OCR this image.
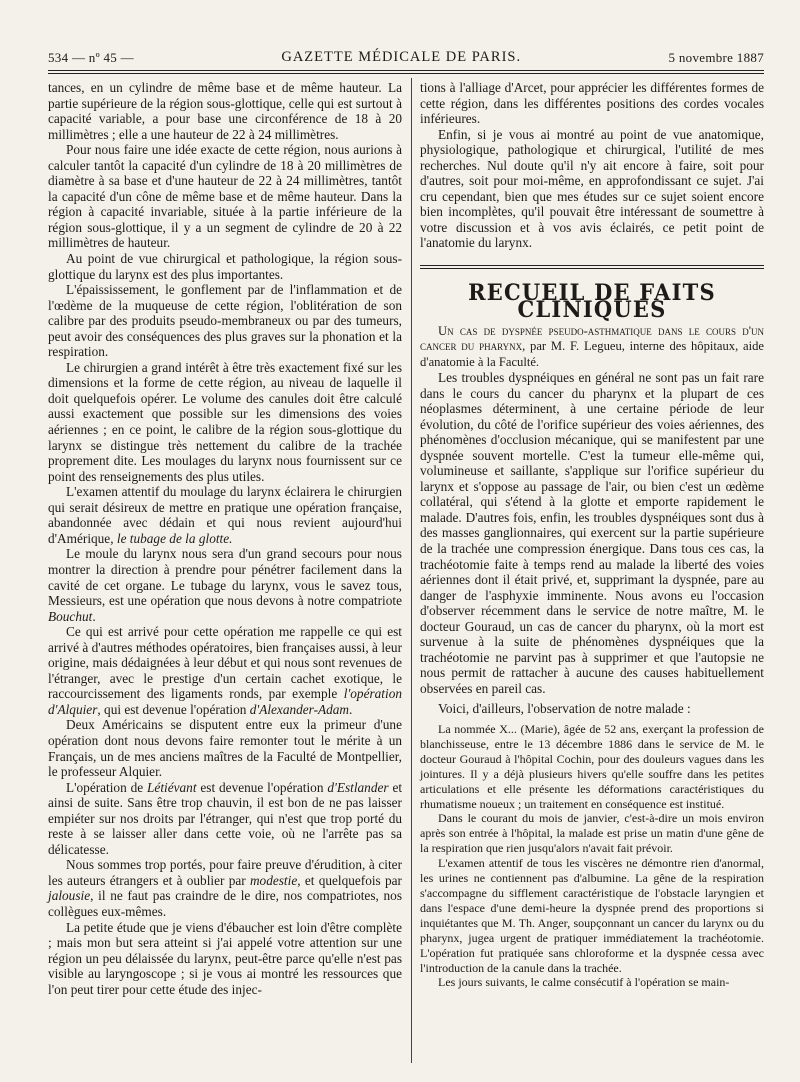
534 — nº 45 —	GAZETTE MÉDICALE DE PARIS.	5 novembre 1887

tances, en un cylindre de même base et de même hauteur. La partie supérieure de la région sous-glottique, celle qui est surtout à capacité variable, a pour base une circonférence de 18 à 20 millimètres ; elle a une hauteur de 22 à 24 millimètres.

Pour nous faire une idée exacte de cette région, nous aurions à calculer tantôt la capacité d'un cylindre de 18 à 20 millimètres de diamètre à sa base et d'une hauteur de 22 à 24 millimètres, tantôt la capacité d'un cône de même base et de même hauteur. Dans la région à capacité invariable, située à la partie inférieure de la région sous-glottique, il y a un segment de cylindre de 20 à 22 millimètres de hauteur.

Au point de vue chirurgical et pathologique, la région sous-glottique du larynx est des plus importantes.

L'épaississement, le gonflement par de l'inflammation et de l'œdème de la muqueuse de cette région, l'oblitération de son calibre par des produits pseudo-membraneux ou par des tumeurs, peut avoir des conséquences des plus graves sur la phonation et la respiration.

Le chirurgien a grand intérêt à être très exactement fixé sur les dimensions et la forme de cette région, au niveau de laquelle il doit quelquefois opérer. Le volume des canules doit être calculé aussi exactement que possible sur les dimensions des voies aériennes ; en ce point, le calibre de la région sous-glottique du larynx se distingue très nettement du calibre de la trachée proprement dite. Les moulages du larynx nous fournissent sur ce point des renseignements des plus utiles.

L'examen attentif du moulage du larynx éclairera le chirurgien qui serait désireux de mettre en pratique une opération française, abandonnée avec dédain et qui nous revient aujourd'hui d'Amérique, le tubage de la glotte.

Le moule du larynx nous sera d'un grand secours pour nous montrer la direction à prendre pour pénétrer facilement dans la cavité de cet organe. Le tubage du larynx, vous le savez tous, Messieurs, est une opération que nous devons à notre compatriote Bouchut.

Ce qui est arrivé pour cette opération me rappelle ce qui est arrivé à d'autres méthodes opératoires, bien françaises aussi, à leur origine, mais dédaignées à leur début et qui nous sont revenues de l'étranger, avec le prestige d'un certain cachet exotique, le raccourcissement des ligaments ronds, par exemple l'opération d'Alquier, qui est devenue l'opération d'Alexander-Adam.

Deux Américains se disputent entre eux la primeur d'une opération dont nous devons faire remonter tout le mérite à un Français, un de mes anciens maîtres de la Faculté de Montpellier, le professeur Alquier.

L'opération de Létiévant est devenue l'opération d'Estlander et ainsi de suite. Sans être trop chauvin, il est bon de ne pas laisser empiéter sur nos droits par l'étranger, qui n'est que trop porté du reste à se laisser aller dans cette voie, où ne l'arrête pas sa délicatesse.

Nous sommes trop portés, pour faire preuve d'érudition, à citer les auteurs étrangers et à oublier par modestie, et quelquefois par jalousie, il ne faut pas craindre de le dire, nos compatriotes, nos collègues eux-mêmes.

La petite étude que je viens d'ébaucher est loin d'être complète ; mais mon but sera atteint si j'ai appelé votre attention sur une région un peu délaissée du larynx, peut-être parce qu'elle n'est pas visible au laryngoscope ; si je vous ai montré les ressources que l'on peut tirer pour cette étude des injec-

tions à l'alliage d'Arcet, pour apprécier les différentes formes de cette région, dans les différentes positions des cordes vocales inférieures.

Enfin, si je vous ai montré au point de vue anatomique, physiologique, pathologique et chirurgical, l'utilité de mes recherches. Nul doute qu'il n'y ait encore à faire, soit pour d'autres, soit pour moi-même, en approfondissant ce sujet. J'ai cru cependant, bien que mes études sur ce sujet soient encore bien incomplètes, qu'il pouvait être intéressant de soumettre à votre discussion et à vos avis éclairés, ce petit point de l'anatomie du larynx.

RECUEIL DE FAITS CLINIQUES

Un cas de dyspnée pseudo-asthmatique dans le cours d'un cancer du pharynx, par M. F. Legueu, interne des hôpitaux, aide d'anatomie à la Faculté.

Les troubles dyspnéiques en général ne sont pas un fait rare dans le cours du cancer du pharynx et la plupart de ces néoplasmes déterminent, à une certaine période de leur évolution, du côté de l'orifice supérieur des voies aériennes, des phénomènes d'occlusion mécanique, qui se manifestent par une dyspnée souvent mortelle. C'est la tumeur elle-même qui, volumineuse et saillante, s'applique sur l'orifice supérieur du larynx et s'oppose au passage de l'air, ou bien c'est un œdème collatéral, qui s'étend à la glotte et emporte rapidement le malade. D'autres fois, enfin, les troubles dyspnéiques sont dus à des masses ganglionnaires, qui exercent sur la partie supérieure de la trachée une compression énergique. Dans tous ces cas, la trachéotomie faite à temps rend au malade la liberté des voies aériennes dont il était privé, et, supprimant la dyspnée, pare au danger de l'asphyxie imminente. Nous avons eu l'occasion d'observer récemment dans le service de notre maître, M. le docteur Gouraud, un cas de cancer du pharynx, où la mort est survenue à la suite de phénomènes dyspnéiques que la trachéotomie ne parvint pas à supprimer et que l'autopsie ne nous permit de rattacher à aucune des causes habituellement observées en pareil cas.

Voici, d'ailleurs, l'observation de notre malade :

La nommée X... (Marie), âgée de 52 ans, exerçant la profession de blanchisseuse, entre le 13 décembre 1886 dans le service de M. le docteur Gouraud à l'hôpital Cochin, pour des douleurs vagues dans les jointures. Il y a déjà plusieurs hivers qu'elle souffre dans les petites articulations et elle présente les déformations caractéristiques du rhumatisme noueux ; un traitement en conséquence est institué.

Dans le courant du mois de janvier, c'est-à-dire un mois environ après son entrée à l'hôpital, la malade est prise un matin d'une gêne de la respiration que rien jusqu'alors n'avait fait prévoir.

L'examen attentif de tous les viscères ne démontre rien d'anormal, les urines ne contiennent pas d'albumine. La gêne de la respiration s'accompagne du sifflement caractéristique de l'obstacle laryngien et dans l'espace d'une demi-heure la dyspnée prend des proportions si inquiétantes que M. Th. Anger, soupçonnant un cancer du larynx ou du pharynx, jugea urgent de pratiquer immédiatement la trachéotomie. L'opération fut pratiquée sans chloroforme et la dyspnée cessa avec l'introduction de la canule dans la trachée.

Les jours suivants, le calme consécutif à l'opération se main-
